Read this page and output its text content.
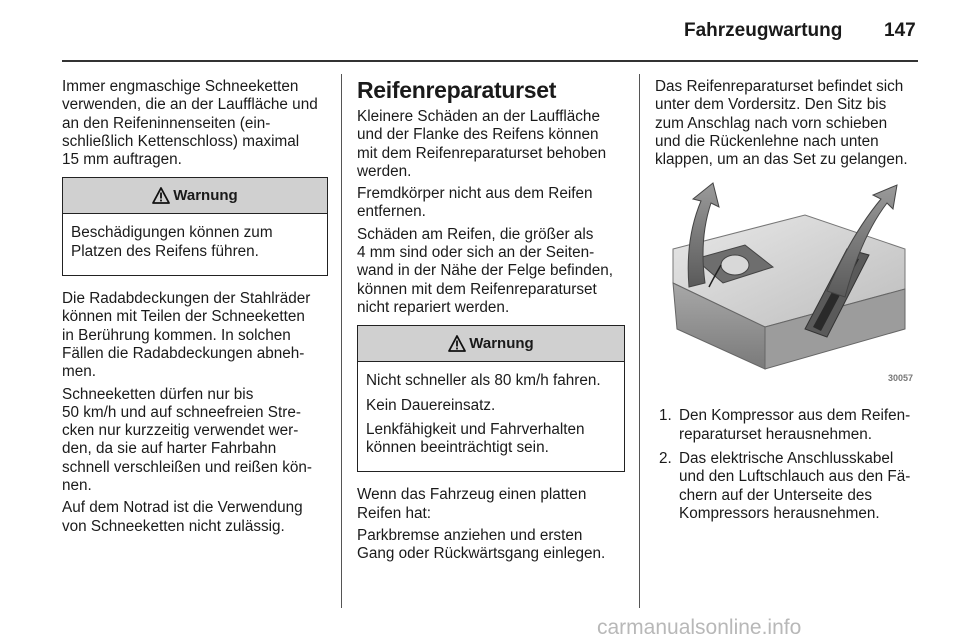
Fahrzeugwartung 147

Immer engmaschige Schneeketten
verwenden, die an der Lauffläche und
an den Reifeninnenseiten (ein-
schließlich Kettenschloss) maximal
15 mm auftragen.

Warnung

Beschädigungen können zum
Platzen des Reifens führen.

Die Radabdeckungen der Stahlräder
können mit Teilen der Schneeketten
in Berührung kommen. In solchen
Fällen die Radabdeckungen abneh-
men.

Schneeketten dürfen nur bis
50 km/h und auf schneefreien Stre-
cken nur kurzzeitig verwendet wer-
den, da sie auf harter Fahrbahn
schnell verschleißen und reißen kön-
nen.

Auf dem Notrad ist die Verwendung
von Schneeketten nicht zulässig.

Reifenreparaturset

Kleinere Schäden an der Lauffläche
und der Flanke des Reifens können
mit dem Reifenreparaturset behoben
werden.

Fremdkörper nicht aus dem Reifen
entfernen.

Schäden am Reifen, die größer als
4 mm sind oder sich an der Seiten-
wand in der Nähe der Felge befinden,
können mit dem Reifenreparaturset
nicht repariert werden.

Warnung

Nicht schneller als 80 km/h fahren.

Kein Dauereinsatz.

Lenkfähigkeit und Fahrverhalten
können beeinträchtigt sein.

Wenn das Fahrzeug einen platten
Reifen hat:

Parkbremse anziehen und ersten
Gang oder Rückwärtsgang einlegen.

Das Reifenreparaturset befindet sich
unter dem Vordersitz. Den Sitz bis
zum Anschlag nach vorn schieben
und die Rückenlehne nach unten
klappen, um an das Set zu gelangen.

30057
1. Den Kompressor aus dem Reifen-
reparaturset herausnehmen.
2. Das elektrische Anschlusskabel
und den Luftschlauch aus den Fä-
chern auf der Unterseite des
Kompressors herausnehmen.
carmanualsonline.info
